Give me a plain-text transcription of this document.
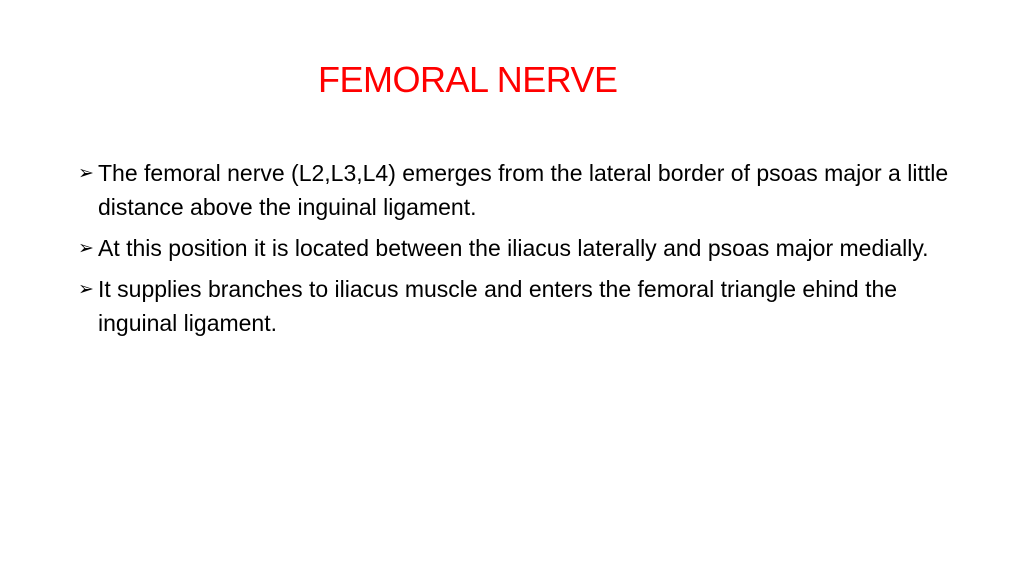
FEMORAL NERVE
➢ The femoral nerve (L2,L3,L4) emerges from the lateral border of psoas major a little distance above the inguinal ligament.
➢ At this position it is located between the iliacus laterally and psoas major medially.
➢ It supplies branches to iliacus muscle and enters the femoral triangle ehind the inguinal ligament.
